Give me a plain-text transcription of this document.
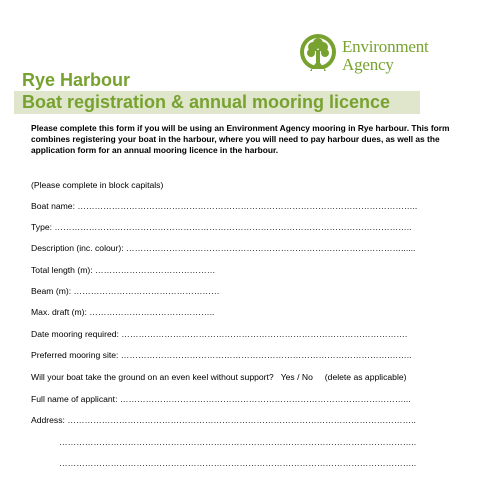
Environment
Agency
Rye Harbour
Boat registration & annual mooring licence

Please complete this form if you will be using an Environment Agency mooring in Rye harbour. This form combines registering your boat in the harbour, where you will need to pay harbour dues, as well as the application form for an annual mooring licence in the harbour.

(Please complete in block capitals)
Boat name: ………………………………………………………………………………………………………..
Type: ……………………………………………………………………………………………………………..
Description (inc. colour): ……………………………………………………………………………………......
Total length (m): ……………………………………
Beam (m): ……………………………………………
Max. draft (m): ……………………………………..
Date mooring required: ……………………………………………………………………………………….
Preferred mooring site: ………………………………………………………………………………….……..
Will your boat take the ground on an even keel without support?   Yes / No     (delete as applicable)
Full name of applicant: ………………………………………………………………………………………...
Address: …………………………………………………………………………………………………………..
……………………………………………………………………………………………………………..
……………………………………………………………………………………………………………..
